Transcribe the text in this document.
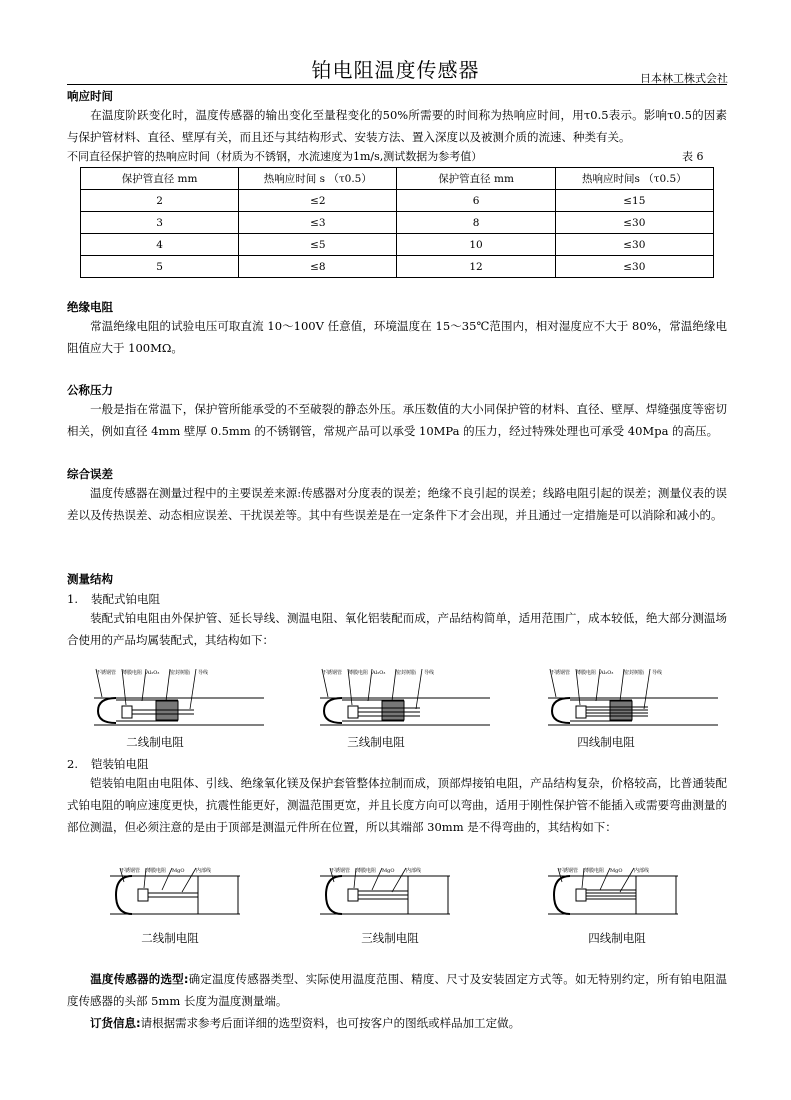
铂电阻温度传感器	日本林工株式会社
响应时间
在温度阶跃变化时，温度传感器的输出变化至量程变化的50%所需要的时间称为热响应时间，用τ0.5表示。影响τ0.5的因素与保护管材料、直径、壁厚有关，而且还与其结构形式、安装方法、置入深度以及被测介质的流速、种类有关。
不同直径保护管的热响应时间（材质为不锈钢，水流速度为1m/s,测试数据为参考值）	表 6
保护管直径 mm	热响应时间 s （τ0.5）	保护管直径 mm	热响应时间s （τ0.5）
2	≤2	6	≤15
3	≤3	8	≤30
4	≤5	10	≤30
5	≤8	12	≤30
绝缘电阻
常温绝缘电阻的试验电压可取直流 10～100V 任意值，环境温度在 15～35℃范围内，相对湿度应不大于 80%，常温绝缘电阻值应大于 100MΩ。
公称压力
一般是指在常温下，保护管所能承受的不至破裂的静态外压。承压数值的大小同保护管的材料、直径、壁厚、焊缝强度等密切相关，例如直径 4mm 壁厚 0.5mm 的不锈钢管，常规产品可以承受 10MPa 的压力，经过特殊处理也可承受 40Mpa 的高压。
综合误差
温度传感器在测量过程中的主要误差来源:传感器对分度表的误差；绝缘不良引起的误差；线路电阻引起的误差；测量仪表的误差以及传热误差、动态相应误差、干扰误差等。其中有些误差是在一定条件下才会出现，并且通过一定措施是可以消除和减小的。
测量结构
1. 装配式铂电阻
装配式铂电阻由外保护管、延长导线、测温电阻、氧化铝装配而成，产品结构简单，适用范围广，成本较低，绝大部分测温场合使用的产品均属装配式，其结构如下：
不锈钢管 薄膜电阻 Al₂O₃ 密封树脂 导线	不锈钢管 薄膜电阻 Al₂O₃ 密封树脂 导线	不锈钢管 薄膜电阻 Al₂O₃ 密封树脂 导线
二线制电阻	三线制电阻	四线制电阻
2. 铠装铂电阻
铠装铂电阻由电阻体、引线、绝缘氧化镁及保护套管整体拉制而成，顶部焊接铂电阻，产品结构复杂，价格较高，比普通装配式铂电阻的响应速度更快，抗震性能更好，测温范围更宽，并且长度方向可以弯曲，适用于刚性保护管不能插入或需要弯曲测量的部位测温，但必须注意的是由于顶部是测温元件所在位置，所以其端部 30mm 是不得弯曲的，其结构如下：
不锈钢管 薄膜电阻 MgO 内部线	不锈钢管 薄膜电阻 MgO 内部线	不锈钢管 薄膜电阻 MgO 内部线
二线制电阻	三线制电阻	四线制电阻
温度传感器的选型:确定温度传感器类型、实际使用温度范围、精度、尺寸及安装固定方式等。如无特别约定，所有铂电阻温度传感器的头部 5mm 长度为温度测量端。
订货信息:请根据需求参考后面详细的选型资料，也可按客户的图纸或样品加工定做。
